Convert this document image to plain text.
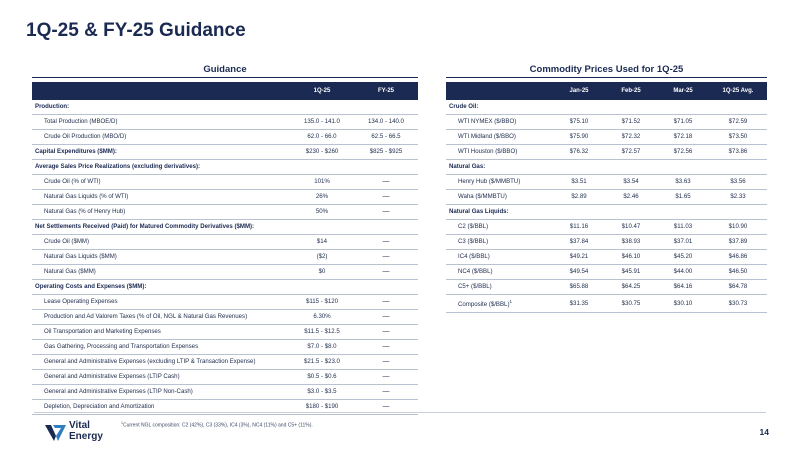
1Q-25 & FY-25 Guidance
Guidance
	1Q-25	FY-25
Production:		
Total Production (MBOE/D)	135.0 - 141.0	134.0 - 140.0
Crude Oil Production (MBO/D)	62.0 - 66.0	62.5 - 66.5
Capital Expenditures ($MM):	$230 - $260	$825 - $925
Average Sales Price Realizations (excluding derivatives):		
Crude Oil (% of WTI)	101%	—
Natural Gas Liquids (% of WTI)	26%	—
Natural Gas (% of Henry Hub)	50%	—
Net Settlements Received (Paid) for Matured Commodity Derivatives ($MM):		
Crude Oil ($MM)	$14	—
Natural Gas Liquids ($MM)	($2)	—
Natural Gas ($MM)	$0	—
Operating Costs and Expenses ($MM):		
Lease Operating Expenses	$115 - $120	—
Production and Ad Valorem Taxes (% of Oil, NGL & Natural Gas Revenues)	6.30%	—
Oil Transportation and Marketing Expenses	$11.5 - $12.5	—
Gas Gathering, Processing and Transportation Expenses	$7.0 - $8.0	—
General and Administrative Expenses (excluding LTIP & Transaction Expense)	$21.5 - $23.0	—
General and Administrative Expenses (LTIP Cash)	$0.5 - $0.6	—
General and Administrative Expenses (LTIP Non-Cash)	$3.0 - $3.5	—
Depletion, Depreciation and Amortization	$180 - $190	—
Commodity Prices Used for 1Q-25
	Jan-25	Feb-25	Mar-25	1Q-25 Avg.
Crude Oil:				
WTI NYMEX ($/BBO)	$75.10	$71.52	$71.05	$72.59
WTI Midland ($/BBO)	$75.90	$72.32	$72.18	$73.50
WTI Houston ($/BBO)	$76.32	$72.57	$72.56	$73.86
Natural Gas:				
Henry Hub ($/MMBTU)	$3.51	$3.54	$3.63	$3.56
Waha ($/MMBTU)	$2.89	$2.46	$1.65	$2.33
Natural Gas Liquids:				
C2 ($/BBL)	$11.16	$10.47	$11.03	$10.90
C3 ($/BBL)	$37.84	$38.93	$37.01	$37.89
IC4 ($/BBL)	$49.21	$46.10	$45.20	$46.86
NC4 ($/BBL)	$49.54	$45.91	$44.00	$46.50
C5+ ($/BBL)	$65.88	$64.25	$64.16	$64.78
Composite ($/BBL)$^1$	$31.35	$30.75	$30.10	$30.73
Vital
Energy
$^1$Current NGL composition: C2 (42%), C3 (33%), IC4 (3%), NC4 (11%) and C5+ (11%).
14
